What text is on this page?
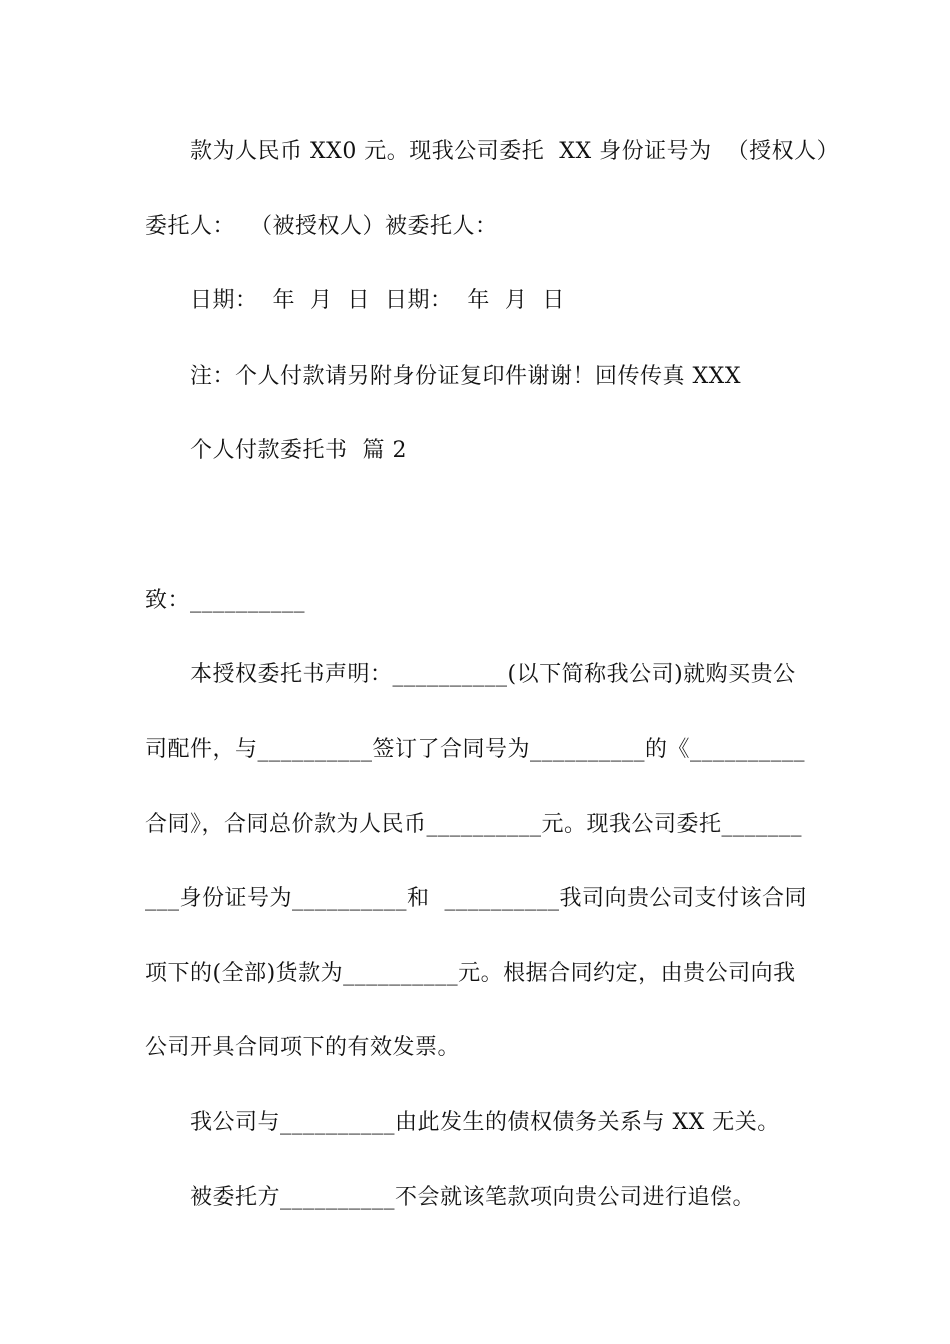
款为人民币 XX0 元。现我公司委托  XX 身份证号为  （授权人）
委托人：  （被授权人）被委托人：
日期：  年  月  日  日期：  年  月  日
注：个人付款请另附身份证复印件谢谢！回传传真 XXX
个人付款委托书  篇 2
致：__________
本授权委托书声明：__________(以下简称我公司)就购买贵公
司配件，与__________签订了合同号为__________的《__________
合同》，合同总价款为人民币__________元。现我公司委托_______
___身份证号为__________和  __________我司向贵公司支付该合同
项下的(全部)货款为__________元。根据合同约定，由贵公司向我
公司开具合同项下的有效发票。
我公司与__________由此发生的债权债务关系与 XX 无关。
被委托方__________不会就该笔款项向贵公司进行追偿。
